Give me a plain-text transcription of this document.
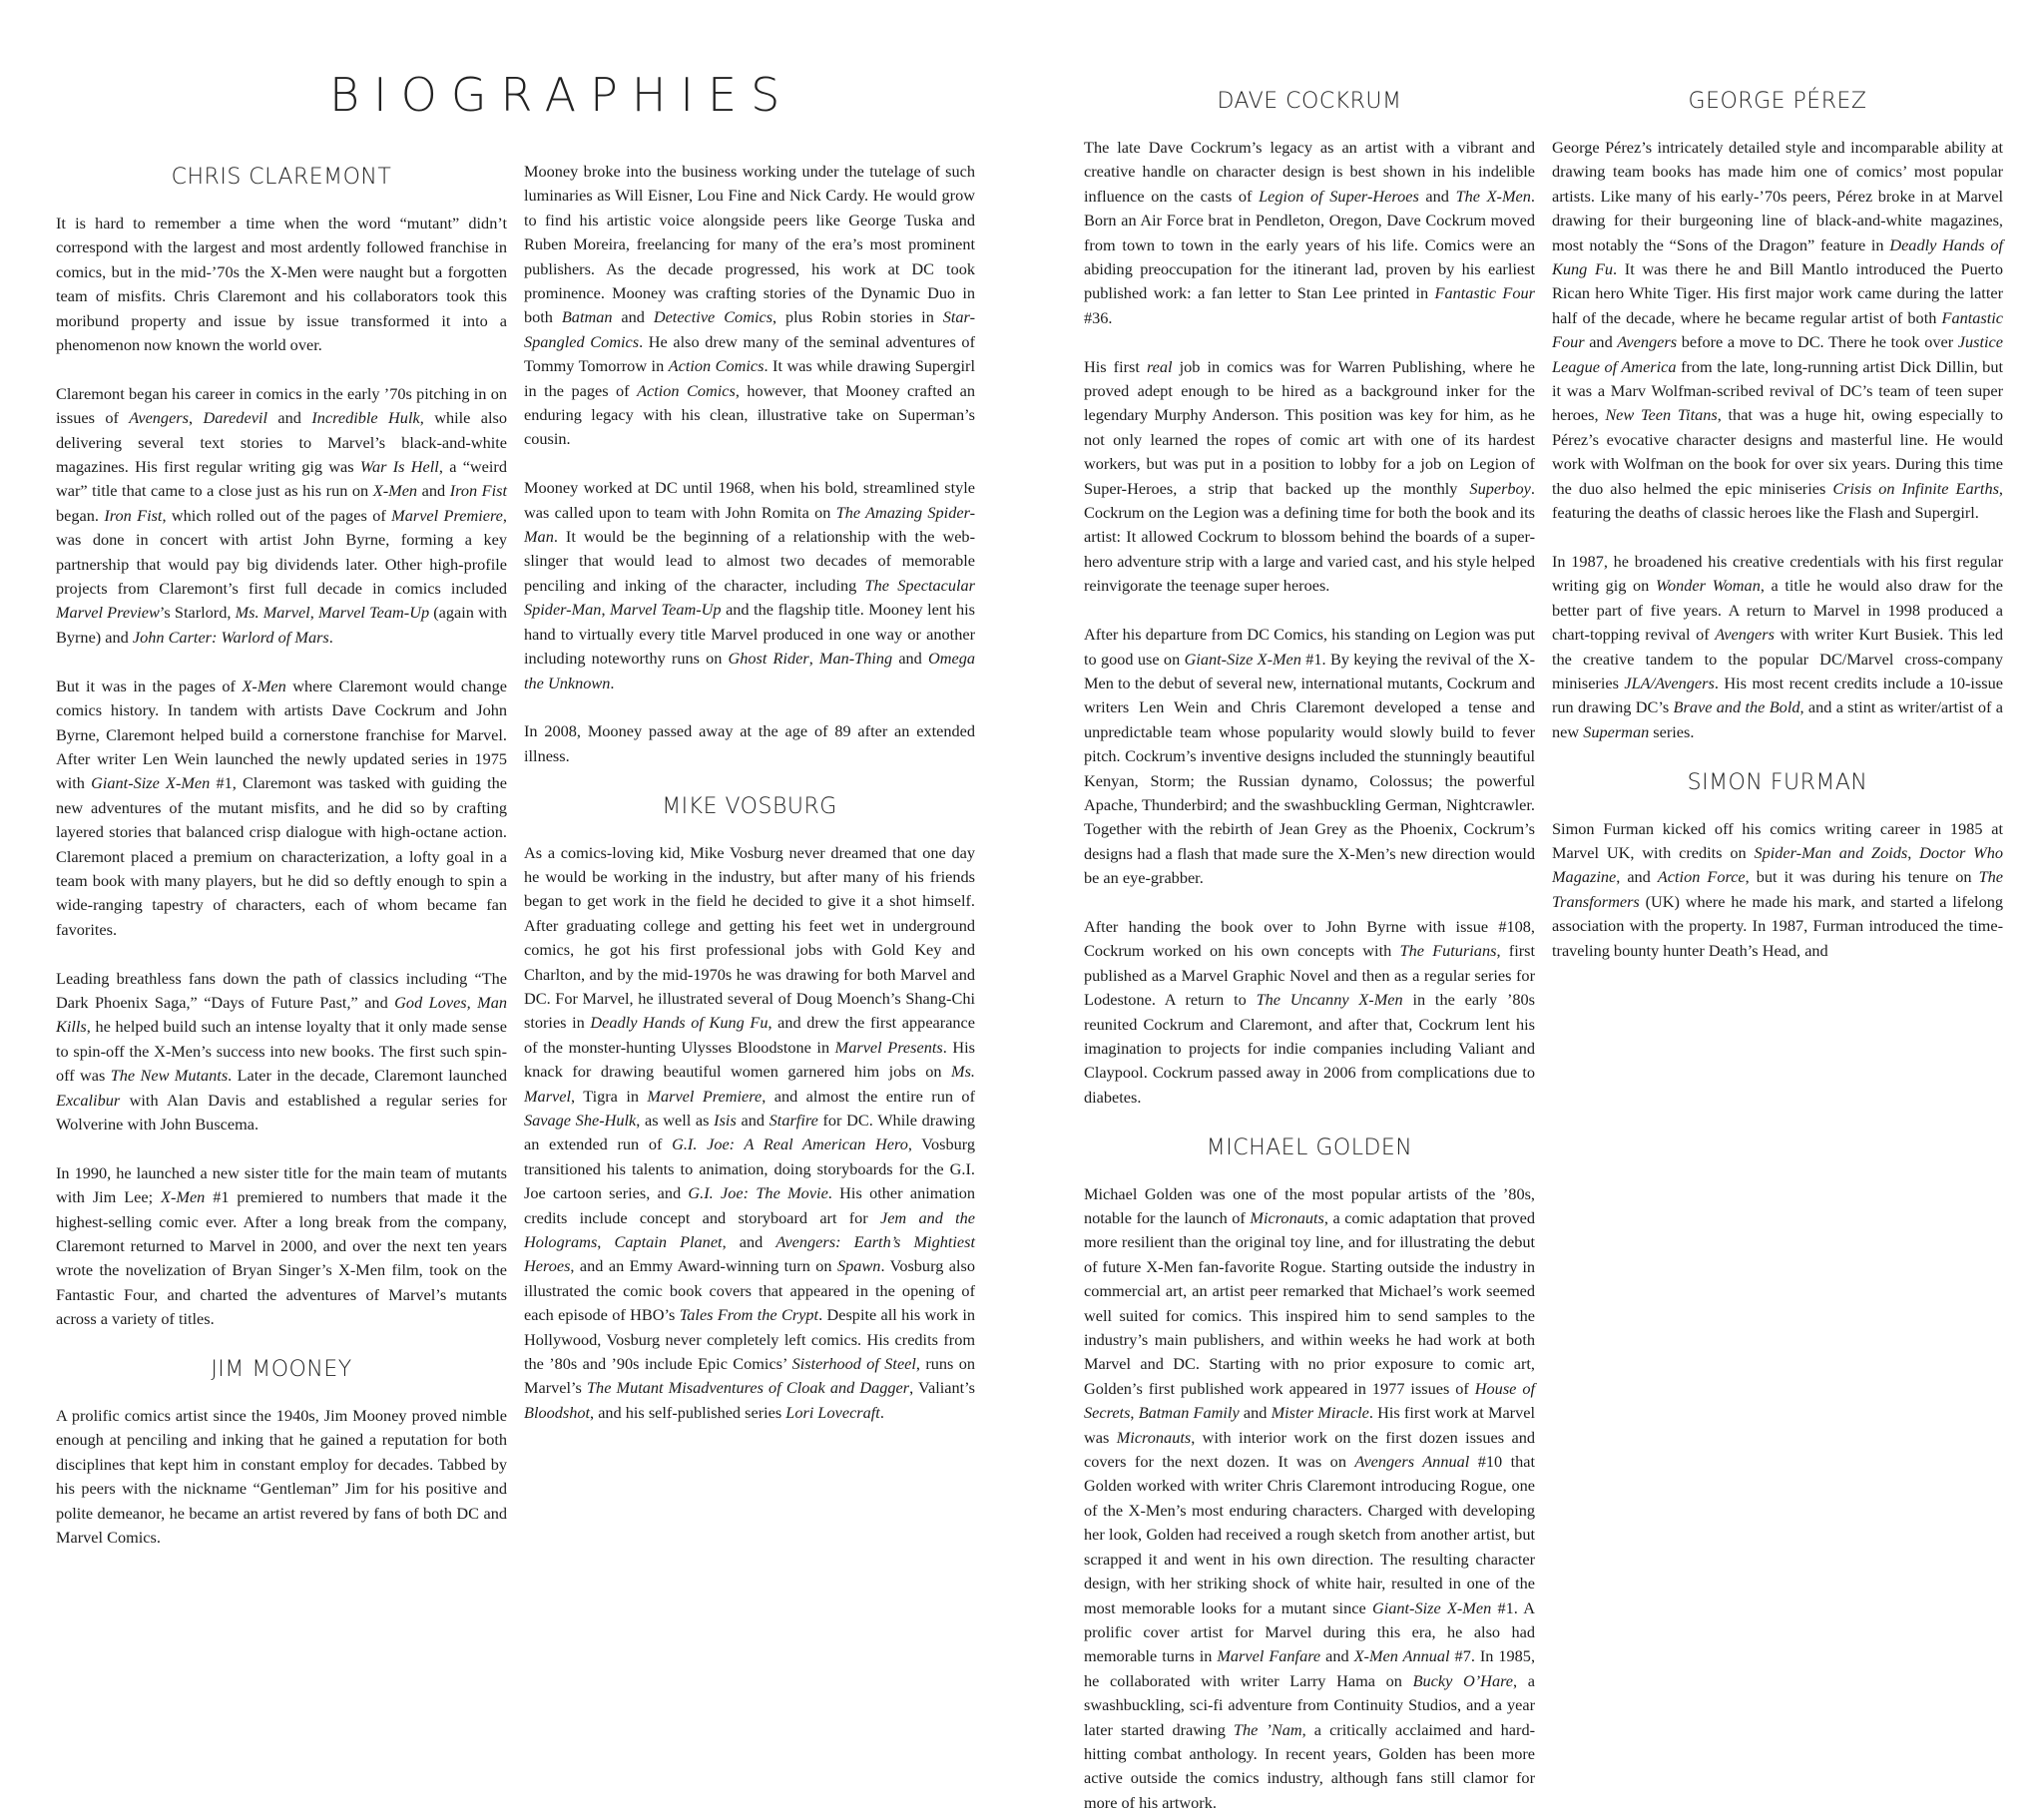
BIOGRAPHIES
CHRIS CLAREMONT

It is hard to remember a time when the word “mutant” didn’t correspond with the largest and most ardently followed franchise in comics, but in the mid-’70s the X-Men were naught but a forgotten team of misfits. Chris Claremont and his collaborators took this moribund property and issue by issue transformed it into a phenomenon now known the world over.

Claremont began his career in comics in the early ’70s pitching in on issues of Avengers, Daredevil and Incredible Hulk, while also delivering several text stories to Marvel’s black-and-white magazines. His first regular writing gig was War Is Hell, a “weird war” title that came to a close just as his run on X-Men and Iron Fist began. Iron Fist, which rolled out of the pages of Marvel Premiere, was done in concert with artist John Byrne, forming a key partnership that would pay big dividends later. Other high-profile projects from Claremont’s first full decade in comics included Marvel Preview’s Starlord, Ms. Marvel, Marvel Team-Up (again with Byrne) and John Carter: Warlord of Mars.

But it was in the pages of X-Men where Claremont would change comics history. In tandem with artists Dave Cockrum and John Byrne, Claremont helped build a cornerstone franchise for Marvel. After writer Len Wein launched the newly updated series in 1975 with Giant-Size X-Men #1, Claremont was tasked with guiding the new adventures of the mutant misfits, and he did so by crafting layered stories that balanced crisp dialogue with high-octane action. Claremont placed a premium on characterization, a lofty goal in a team book with many players, but he did so deftly enough to spin a wide-ranging tapestry of characters, each of whom became fan favorites.

Leading breathless fans down the path of classics including “The Dark Phoenix Saga,” “Days of Future Past,” and God Loves, Man Kills, he helped build such an intense loyalty that it only made sense to spin-off the X-Men’s success into new books. The first such spin-off was The New Mutants. Later in the decade, Claremont launched Excalibur with Alan Davis and established a regular series for Wolverine with John Buscema.

In 1990, he launched a new sister title for the main team of mutants with Jim Lee; X-Men #1 premiered to numbers that made it the highest-selling comic ever. After a long break from the company, Claremont returned to Marvel in 2000, and over the next ten years wrote the novelization of Bryan Singer’s X-Men film, took on the Fantastic Four, and charted the adventures of Marvel’s mutants across a variety of titles.

JIM MOONEY

A prolific comics artist since the 1940s, Jim Mooney proved nimble enough at penciling and inking that he gained a reputation for both disciplines that kept him in constant employ for decades. Tabbed by his peers with the nickname “Gentleman” Jim for his positive and polite demeanor, he became an artist revered by fans of both DC and Marvel Comics.

Mooney broke into the business working under the tutelage of such luminaries as Will Eisner, Lou Fine and Nick Cardy. He would grow to find his artistic voice alongside peers like George Tuska and Ruben Moreira, freelancing for many of the era’s most prominent publishers. As the decade progressed, his work at DC took prominence. Mooney was crafting stories of the Dynamic Duo in both Batman and Detective Comics, plus Robin stories in Star-Spangled Comics. He also drew many of the seminal adventures of Tommy Tomorrow in Action Comics. It was while drawing Supergirl in the pages of Action Comics, however, that Mooney crafted an enduring legacy with his clean, illustrative take on Superman’s cousin.

Mooney worked at DC until 1968, when his bold, streamlined style was called upon to team with John Romita on The Amazing Spider-Man. It would be the beginning of a relationship with the web-slinger that would lead to almost two decades of memorable penciling and inking of the character, including The Spectacular Spider-Man, Marvel Team-Up and the flagship title. Mooney lent his hand to virtually every title Marvel produced in one way or another including noteworthy runs on Ghost Rider, Man-Thing and Omega the Unknown.

In 2008, Mooney passed away at the age of 89 after an extended illness.

MIKE VOSBURG

As a comics-loving kid, Mike Vosburg never dreamed that one day he would be working in the industry, but after many of his friends began to get work in the field he decided to give it a shot himself. After graduating college and getting his feet wet in underground comics, he got his first professional jobs with Gold Key and Charlton, and by the mid-1970s he was drawing for both Marvel and DC. For Marvel, he illustrated several of Doug Moench’s Shang-Chi stories in Deadly Hands of Kung Fu, and drew the first appearance of the monster-hunting Ulysses Bloodstone in Marvel Presents. His knack for drawing beautiful women garnered him jobs on Ms. Marvel, Tigra in Marvel Premiere, and almost the entire run of Savage She-Hulk, as well as Isis and Starfire for DC. While drawing an extended run of G.I. Joe: A Real American Hero, Vosburg transitioned his talents to animation, doing storyboards for the G.I. Joe cartoon series, and G.I. Joe: The Movie. His other animation credits include concept and storyboard art for Jem and the Holograms, Captain Planet, and Avengers: Earth’s Mightiest Heroes, and an Emmy Award-winning turn on Spawn. Vosburg also illustrated the comic book covers that appeared in the opening of each episode of HBO’s Tales From the Crypt. Despite all his work in Hollywood, Vosburg never completely left comics. His credits from the ’80s and ’90s include Epic Comics’ Sisterhood of Steel, runs on Marvel’s The Mutant Misadventures of Cloak and Dagger, Valiant’s Bloodshot, and his self-published series Lori Lovecraft.

DAVE COCKRUM

The late Dave Cockrum’s legacy as an artist with a vibrant and creative handle on character design is best shown in his indelible influence on the casts of Legion of Super-Heroes and The X-Men. Born an Air Force brat in Pendleton, Oregon, Dave Cockrum moved from town to town in the early years of his life. Comics were an abiding preoccupation for the itinerant lad, proven by his earliest published work: a fan letter to Stan Lee printed in Fantastic Four #36.

His first real job in comics was for Warren Publishing, where he proved adept enough to be hired as a background inker for the legendary Murphy Anderson. This position was key for him, as he not only learned the ropes of comic art with one of its hardest workers, but was put in a position to lobby for a job on Legion of Super-Heroes, a strip that backed up the monthly Superboy. Cockrum on the Legion was a defining time for both the book and its artist: It allowed Cockrum to blossom behind the boards of a super-hero adventure strip with a large and varied cast, and his style helped reinvigorate the teenage super heroes.

After his departure from DC Comics, his standing on Legion was put to good use on Giant-Size X-Men #1. By keying the revival of the X-Men to the debut of several new, international mutants, Cockrum and writers Len Wein and Chris Claremont developed a tense and unpredictable team whose popularity would slowly build to fever pitch. Cockrum’s inventive designs included the stunningly beautiful Kenyan, Storm; the Russian dynamo, Colossus; the powerful Apache, Thunderbird; and the swashbuckling German, Nightcrawler. Together with the rebirth of Jean Grey as the Phoenix, Cockrum’s designs had a flash that made sure the X-Men’s new direction would be an eye-grabber.

After handing the book over to John Byrne with issue #108, Cockrum worked on his own concepts with The Futurians, first published as a Marvel Graphic Novel and then as a regular series for Lodestone. A return to The Uncanny X-Men in the early ’80s reunited Cockrum and Claremont, and after that, Cockrum lent his imagination to projects for indie companies including Valiant and Claypool. Cockrum passed away in 2006 from complications due to diabetes.

MICHAEL GOLDEN

Michael Golden was one of the most popular artists of the ’80s, notable for the launch of Micronauts, a comic adaptation that proved more resilient than the original toy line, and for illustrating the debut of future X-Men fan-favorite Rogue. Starting outside the industry in commercial art, an artist peer remarked that Michael’s work seemed well suited for comics. This inspired him to send samples to the industry’s main publishers, and within weeks he had work at both Marvel and DC. Starting with no prior exposure to comic art, Golden’s first published work appeared in 1977 issues of House of Secrets, Batman Family and Mister Miracle. His first work at Marvel was Micronauts, with interior work on the first dozen issues and covers for the next dozen. It was on Avengers Annual #10 that Golden worked with writer Chris Claremont introducing Rogue, one of the X-Men’s most enduring characters. Charged with developing her look, Golden had received a rough sketch from another artist, but scrapped it and went in his own direction. The resulting character design, with her striking shock of white hair, resulted in one of the most memorable looks for a mutant since Giant-Size X-Men #1. A prolific cover artist for Marvel during this era, he also had memorable turns in Marvel Fanfare and X-Men Annual #7. In 1985, he collaborated with writer Larry Hama on Bucky O’Hare, a swashbuckling, sci-fi adventure from Continuity Studios, and a year later started drawing The ’Nam, a critically acclaimed and hard-hitting combat anthology. In recent years, Golden has been more active outside the comics industry, although fans still clamor for more of his artwork.

GEORGE PÉREZ

George Pérez’s intricately detailed style and incomparable ability at drawing team books has made him one of comics’ most popular artists. Like many of his early-’70s peers, Pérez broke in at Marvel drawing for their burgeoning line of black-and-white magazines, most notably the “Sons of the Dragon” feature in Deadly Hands of Kung Fu. It was there he and Bill Mantlo introduced the Puerto Rican hero White Tiger. His first major work came during the latter half of the decade, where he became regular artist of both Fantastic Four and Avengers before a move to DC. There he took over Justice League of America from the late, long-running artist Dick Dillin, but it was a Marv Wolfman-scribed revival of DC’s team of teen super heroes, New Teen Titans, that was a huge hit, owing especially to Pérez’s evocative character designs and masterful line. He would work with Wolfman on the book for over six years. During this time the duo also helmed the epic miniseries Crisis on Infinite Earths, featuring the deaths of classic heroes like the Flash and Supergirl.

In 1987, he broadened his creative credentials with his first regular writing gig on Wonder Woman, a title he would also draw for the better part of five years. A return to Marvel in 1998 produced a chart-topping revival of Avengers with writer Kurt Busiek. This led the creative tandem to the popular DC/Marvel cross-company miniseries JLA/Avengers. His most recent credits include a 10-issue run drawing DC’s Brave and the Bold, and a stint as writer/artist of a new Superman series.

SIMON FURMAN

Simon Furman kicked off his comics writing career in 1985 at Marvel UK, with credits on Spider-Man and Zoids, Doctor Who Magazine, and Action Force, but it was during his tenure on The Transformers (UK) where he made his mark, and started a lifelong association with the property. In 1987, Furman introduced the time-traveling bounty hunter Death’s Head, and
